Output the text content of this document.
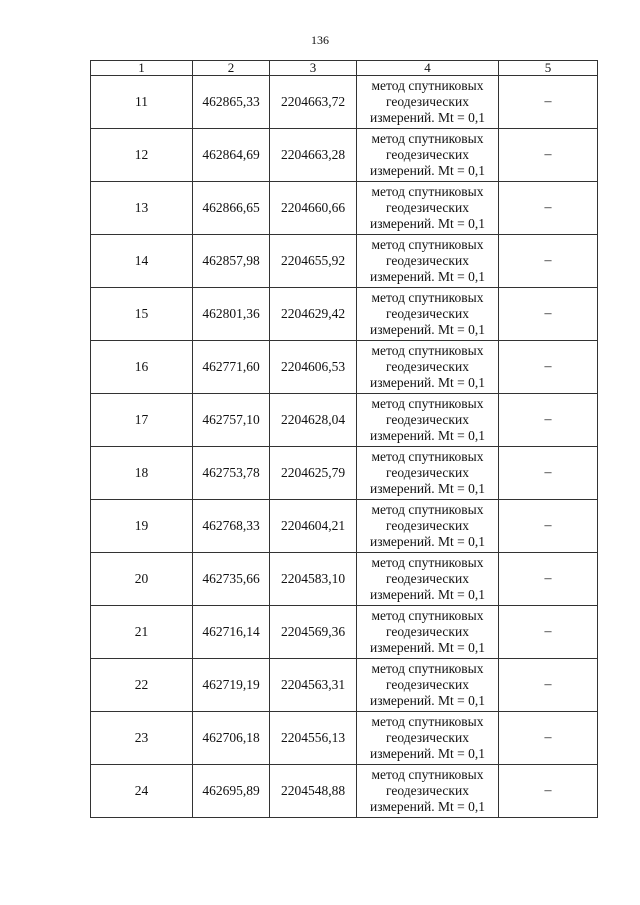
136
1	2	3	4	5
11	462865,33	2204663,72	метод спутниковых
геодезических
измерений. Mt = 0,1	–
12	462864,69	2204663,28	метод спутниковых
геодезических
измерений. Mt = 0,1	–
13	462866,65	2204660,66	метод спутниковых
геодезических
измерений. Mt = 0,1	–
14	462857,98	2204655,92	метод спутниковых
геодезических
измерений. Mt = 0,1	–
15	462801,36	2204629,42	метод спутниковых
геодезических
измерений. Mt = 0,1	–
16	462771,60	2204606,53	метод спутниковых
геодезических
измерений. Mt = 0,1	–
17	462757,10	2204628,04	метод спутниковых
геодезических
измерений. Mt = 0,1	–
18	462753,78	2204625,79	метод спутниковых
геодезических
измерений. Mt = 0,1	–
19	462768,33	2204604,21	метод спутниковых
геодезических
измерений. Mt = 0,1	–
20	462735,66	2204583,10	метод спутниковых
геодезических
измерений. Mt = 0,1	–
21	462716,14	2204569,36	метод спутниковых
геодезических
измерений. Mt = 0,1	–
22	462719,19	2204563,31	метод спутниковых
геодезических
измерений. Mt = 0,1	–
23	462706,18	2204556,13	метод спутниковых
геодезических
измерений. Mt = 0,1	–
24	462695,89	2204548,88	метод спутниковых
геодезических
измерений. Mt = 0,1	–
